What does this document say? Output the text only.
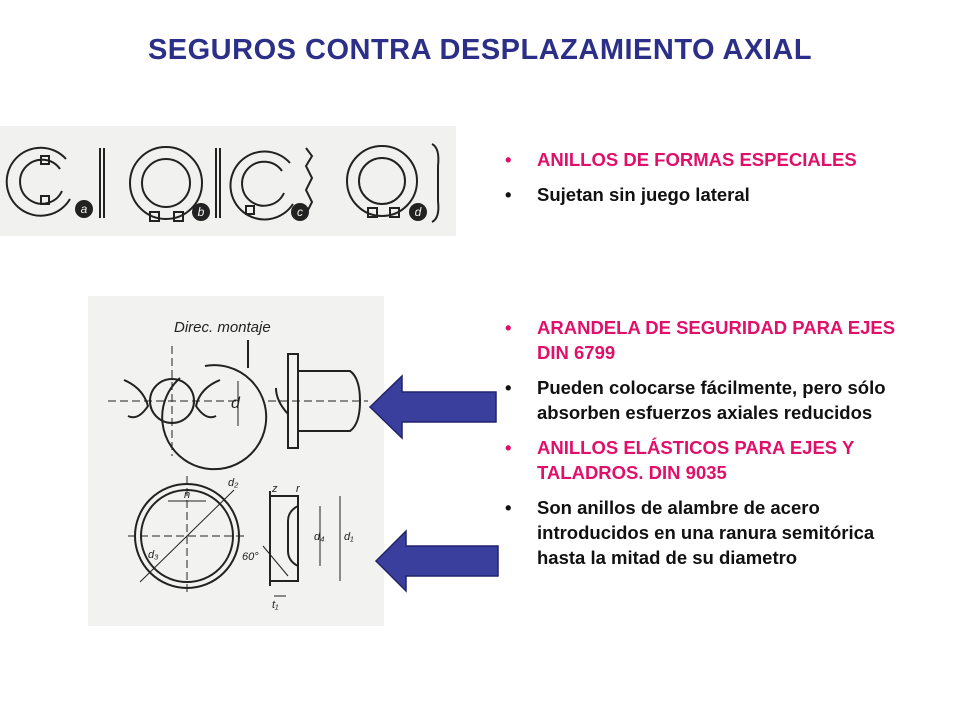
SEGUROS CONTRA DESPLAZAMIENTO AXIAL
a	b	c	d
Direc. montaje
d
d₂
d₃
d₄ d₁
n	z r
t₁
60°
• ANILLOS DE FORMAS ESPECIALES
• Sujetan sin juego lateral
• ARANDELA DE SEGURIDAD PARA EJES DIN 6799
• Pueden colocarse fácilmente, pero sólo absorben esfuerzos axiales reducidos
• ANILLOS ELÁSTICOS PARA EJES Y TALADROS. DIN 9035
• Son anillos de alambre de acero introducidos en una ranura semitórica hasta la mitad de su diametro
